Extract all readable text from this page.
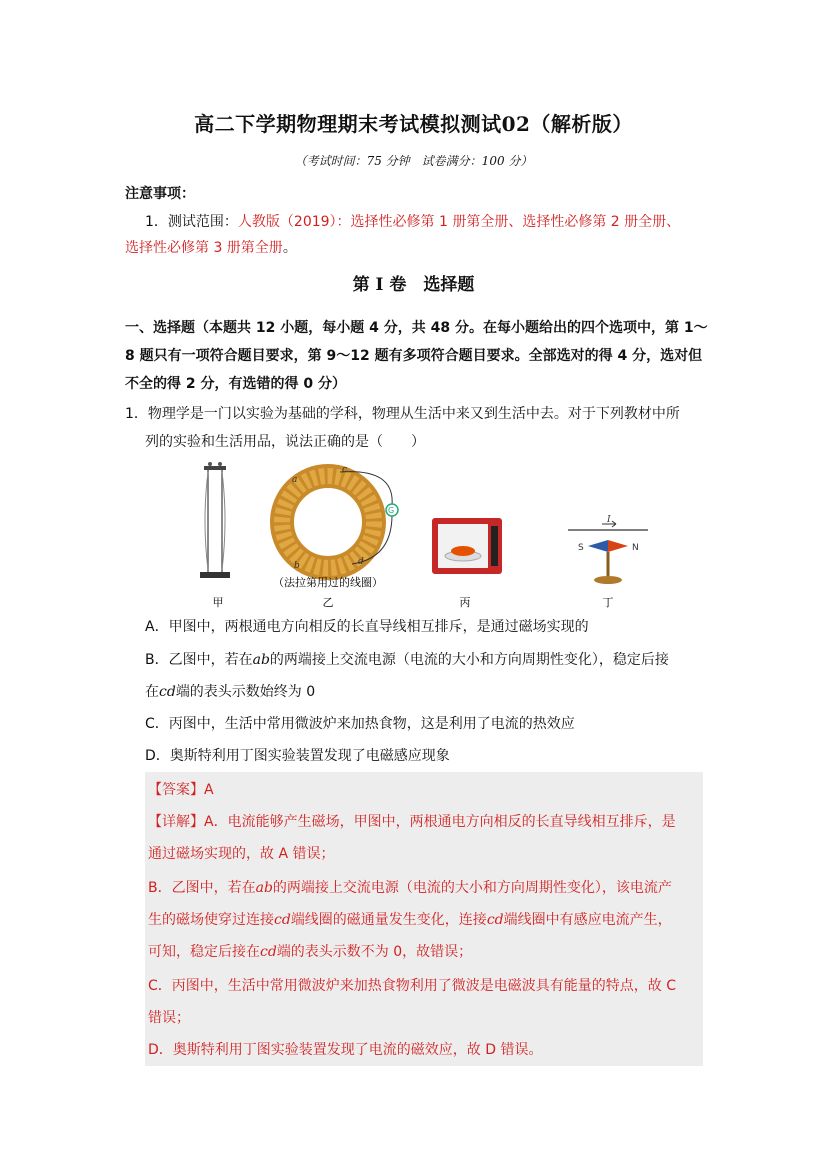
高二下学期物理期末考试模拟测试02（解析版）
（考试时间：75 分钟　试卷满分：100 分）
注意事项：
1．测试范围：人教版（2019）：选择性必修第 1 册第全册、选择性必修第 2 册全册、
选择性必修第 3 册第全册。
第 I 卷　选择题
一、选择题（本题共 12 小题，每小题 4 分，共 48 分。在每小题给出的四个选项中，第 1～
8 题只有一项符合题目要求，第 9～12 题有多项符合题目要求。全部选对的得 4 分，选对但
不全的得 2 分，有选错的得 0 分）
1．物理学是一门以实验为基础的学科，物理从生活中来又到生活中去。对于下列教材中所
列的实验和生活用品，说法正确的是（　　）
G
a
b
c
d
（法拉第用过的线圈）
I
S	N
甲	乙	丙	丁
A．甲图中，两根通电方向相反的长直导线相互排斥，是通过磁场实现的
B．乙图中，若在ab的两端接上交流电源（电流的大小和方向周期性变化），稳定后接
在cd端的表头示数始终为 0
C．丙图中，生活中常用微波炉来加热食物，这是利用了电流的热效应
D．奥斯特利用丁图实验装置发现了电磁感应现象
【答案】A
【详解】A．电流能够产生磁场，甲图中，两根通电方向相反的长直导线相互排斥，是
通过磁场实现的，故 A 错误；
B．乙图中，若在ab的两端接上交流电源（电流的大小和方向周期性变化），该电流产
生的磁场使穿过连接cd端线圈的磁通量发生变化，连接cd端线圈中有感应电流产生，
可知，稳定后接在cd端的表头示数不为 0，故错误；
C．丙图中，生活中常用微波炉来加热食物利用了微波是电磁波具有能量的特点，故 C
错误；
D．奥斯特利用丁图实验装置发现了电流的磁效应，故 D 错误。
